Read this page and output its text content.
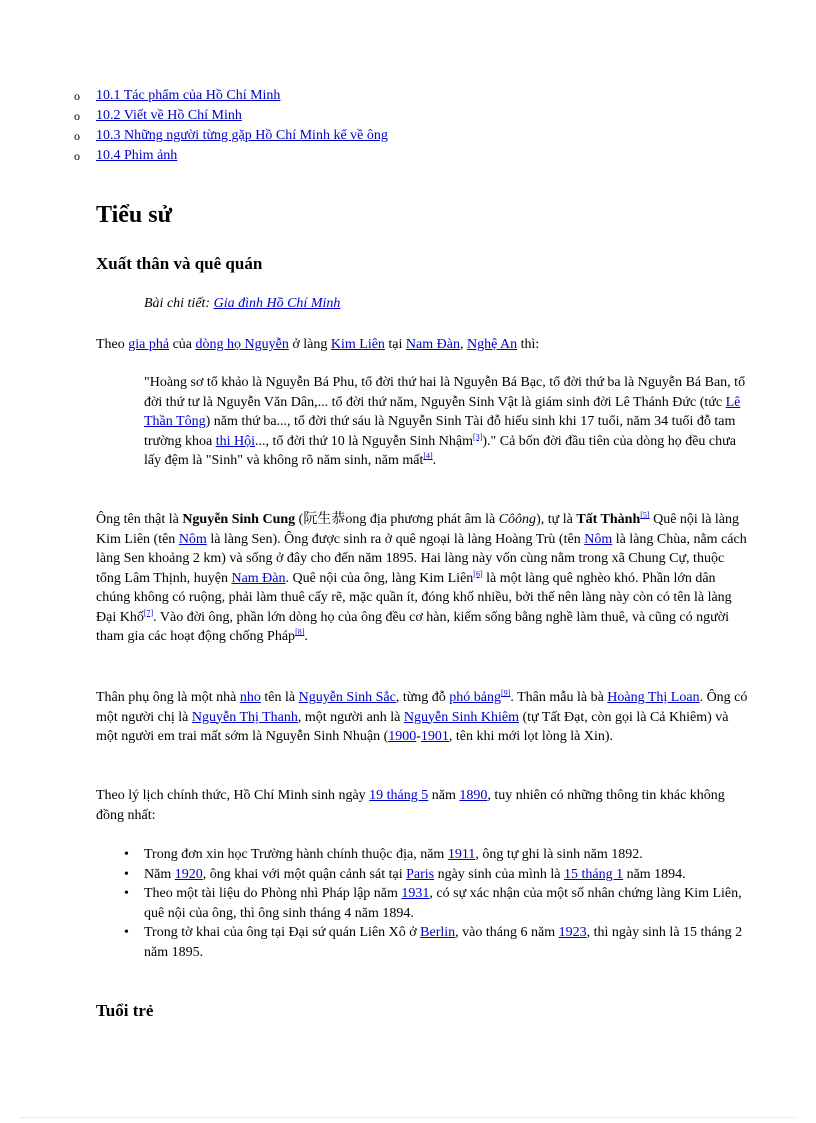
o 10.1 Tác phẩm của Hồ Chí Minh
o 10.2 Viết về Hồ Chí Minh
o 10.3 Những người từng gặp Hồ Chí Minh kể về ông
o 10.4 Phim ảnh
Tiểu sử
Xuất thân và quê quán
Bài chi tiết: Gia đình Hồ Chí Minh

Theo gia phả của dòng họ Nguyễn ở làng Kim Liên tại Nam Đàn, Nghệ An thì:

"Hoàng sơ tổ khảo là Nguyễn Bá Phu, tổ đời thứ hai là Nguyễn Bá Bạc, tổ đời thứ ba là Nguyễn Bá Ban, tổ đời thứ tư là Nguyễn Văn Dân,... tổ đời thứ năm, Nguyễn Sinh Vật là giám sinh đời Lê Thánh Đức (tức Lê Thần Tông) năm thứ ba..., tổ đời thứ sáu là Nguyễn Sinh Tài đỗ hiếu sinh khi 17 tuổi, năm 34 tuổi đỗ tam trường khoa thi Hội..., tổ đời thứ 10 là Nguyễn Sinh Nhậm[3])." Cả bốn đời đầu tiên của dòng họ đều chưa lấy đệm là "Sinh" và không rõ năm sinh, năm mất[4].

Ông tên thật là Nguyễn Sinh Cung (阮生恭ong địa phương phát âm là Côông), tự là Tất Thành[5] Quê nội là làng Kim Liên (tên Nôm là làng Sen). Ông được sinh ra ở quê ngoại là làng Hoàng Trù (tên Nôm là làng Chùa, nằm cách làng Sen khoảng 2 km) và sống ở đây cho đến năm 1895. Hai làng này vốn cùng nằm trong xã Chung Cự, thuộc tổng Lâm Thịnh, huyện Nam Đàn. Quê nội của ông, làng Kim Liên[6] là một làng quê nghèo khó. Phần lớn dân chúng không có ruộng, phải làm thuê cấy rẽ, mặc quần ít, đóng khố nhiều, bởi thế nên làng này còn có tên là làng Đại Khố[7]. Vào đời ông, phần lớn dòng họ của ông đều cơ hàn, kiếm sống bằng nghề làm thuê, và cũng có người tham gia các hoạt động chống Pháp[8].

Thân phụ ông là một nhà nho tên là Nguyễn Sinh Sắc, từng đỗ phó bảng[9]. Thân mẫu là bà Hoàng Thị Loan. Ông có một người chị là Nguyễn Thị Thanh, một người anh là Nguyễn Sinh Khiêm (tự Tất Đạt, còn gọi là Cả Khiêm) và một người em trai mất sớm là Nguyễn Sinh Nhuận (1900-1901, tên khi mới lọt lòng là Xin).

Theo lý lịch chính thức, Hồ Chí Minh sinh ngày 19 tháng 5 năm 1890, tuy nhiên có những thông tin khác không đồng nhất:

• Trong đơn xin học Trường hành chính thuộc địa, năm 1911, ông tự ghi là sinh năm 1892.
• Năm 1920, ông khai với một quận cảnh sát tại Paris ngày sinh của mình là 15 tháng 1 năm 1894.
• Theo một tài liệu do Phòng nhì Pháp lập năm 1931, có sự xác nhận của một số nhân chứng làng Kim Liên, quê nội của ông, thì ông sinh tháng 4 năm 1894.
• Trong tờ khai của ông tại Đại sứ quán Liên Xô ở Berlin, vào tháng 6 năm 1923, thì ngày sinh là 15 tháng 2 năm 1895.
Tuổi trẻ
